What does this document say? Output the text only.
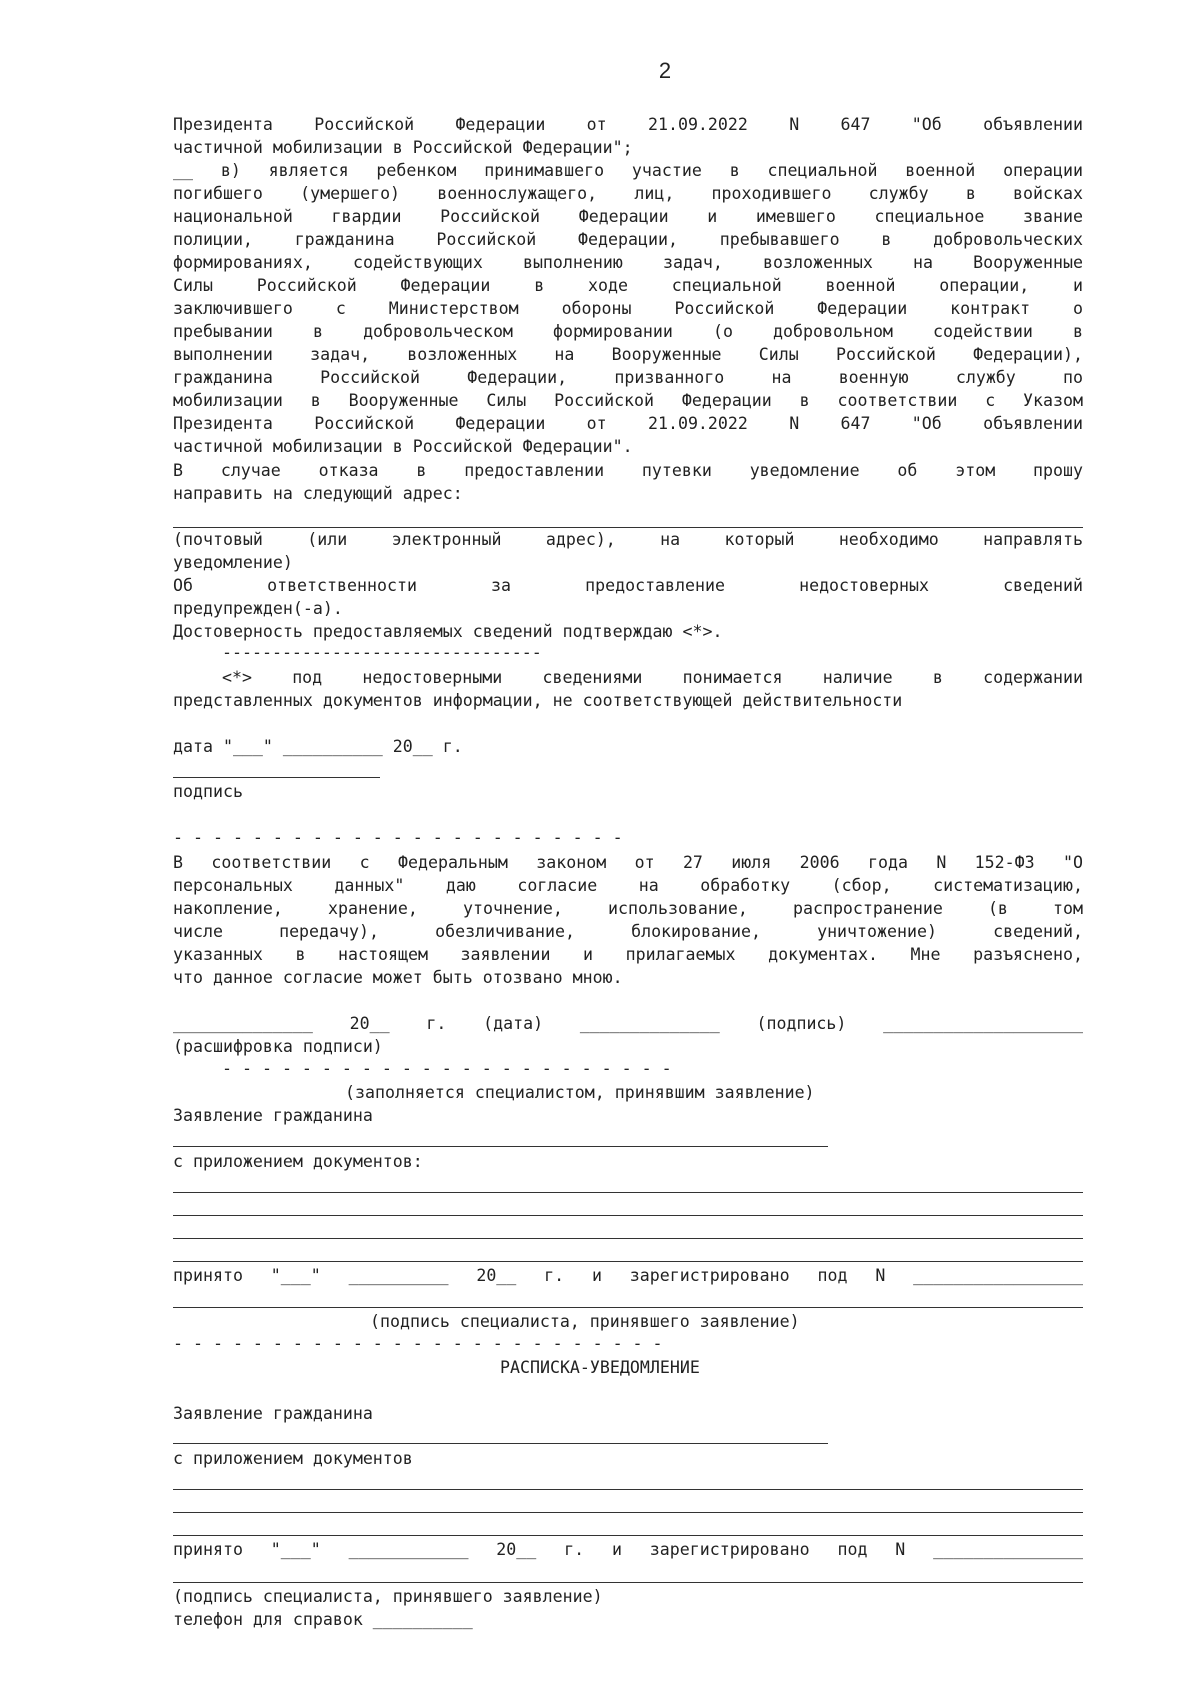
2
Президента Российской Федерации от 21.09.2022 N 647 "Об объявлении
частичной мобилизации в Российской Федерации";
__ в) является ребенком принимавшего участие в специальной военной операции
погибшего (умершего) военнослужащего, лиц, проходившего службу в войсках
национальной гвардии Российской Федерации и имевшего специальное звание
полиции, гражданина Российской Федерации, пребывавшего в добровольческих
формированиях, содействующих выполнению задач, возложенных на Вооруженные
Силы Российской Федерации в ходе специальной военной операции, и
заключившего с Министерством обороны Российской Федерации контракт о
пребывании в добровольческом формировании (о добровольном содействии в
выполнении задач, возложенных на Вооруженные Силы Российской Федерации),
гражданина Российской Федерации, призванного на военную службу по
мобилизации в Вооруженные Силы Российской Федерации в соответствии с Указом
Президента Российской Федерации от 21.09.2022 N 647 "Об объявлении
частичной мобилизации в Российской Федерации".
В случае отказа в предоставлении путевки уведомление об этом прошу
направить на следующий адрес:
(почтовый (или электронный адрес), на который необходимо направлять
уведомление)
Об ответственности за предоставление недостоверных сведений
предупрежден(-а).
Достоверность предоставляемых сведений подтверждаю <*>.
--------------------------------
<*> под недостоверными сведениями понимается наличие в содержании
представленных документов информации, не соответствующей действительности
дата "___" __________ 20__ г.
подпись
- - - - - - - - - - - - - - - - - - - - - - -
В соответствии с Федеральным законом от 27 июля 2006 года N 152-ФЗ "О
персональных данных" даю согласие на обработку (сбор, систематизацию,
накопление, хранение, уточнение, использование, распространение (в том
числе передачу), обезличивание, блокирование, уничтожение) сведений,
указанных в настоящем заявлении и прилагаемых документах. Мне разъяснено,
что данное согласие может быть отозвано мною.
______________ 20__ г. (дата) ______________ (подпись) ____________________
(расшифровка подписи)
- - - - - - - - - - - - - - - - - - - - - - -
(заполняется специалистом, принявшим заявление)
Заявление гражданина
с приложением документов:
принято "___" __________ 20__ г. и зарегистрировано под N _________________
(подпись специалиста, принявшего заявление)
- - - - - - - - - - - - - - - - - - - - - - - - -
РАСПИСКА-УВЕДОМЛЕНИЕ
Заявление гражданина
с приложением документов
принято "___" ____________ 20__ г. и зарегистрировано под N _______________
(подпись специалиста, принявшего заявление)
телефон для справок __________
